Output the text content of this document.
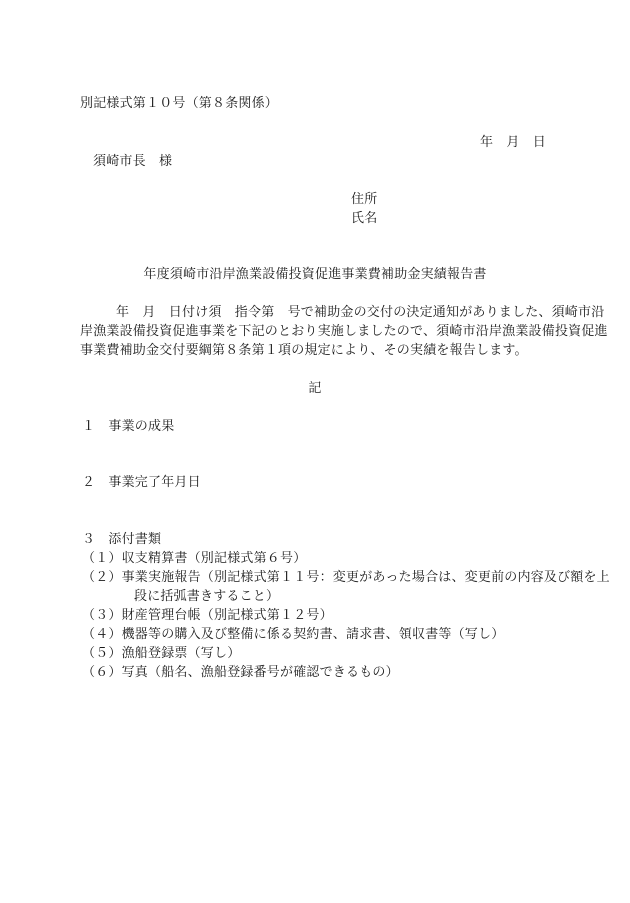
別記様式第１０号（第８条関係）
年　月　日
須崎市長　様
住所
氏名
年度須崎市沿岸漁業設備投資促進事業費補助金実績報告書
年　月　日付け須　指令第　号で補助金の交付の決定通知がありました、須崎市沿
岸漁業設備投資促進事業を下記のとおり実施しましたので、須崎市沿岸漁業設備投資促進
事業費補助金交付要綱第８条第１項の規定により、その実績を報告します。
記
１　事業の成果
２　事業完了年月日
３　添付書類
（１）収支精算書（別記様式第６号）
（２）事業実施報告（別記様式第１１号：変更があった場合は、変更前の内容及び額を上
段に括弧書きすること）
（３）財産管理台帳（別記様式第１２号）
（４）機器等の購入及び整備に係る契約書、請求書、領収書等（写し）
（５）漁船登録票（写し）
（６）写真（船名、漁船登録番号が確認できるもの）
